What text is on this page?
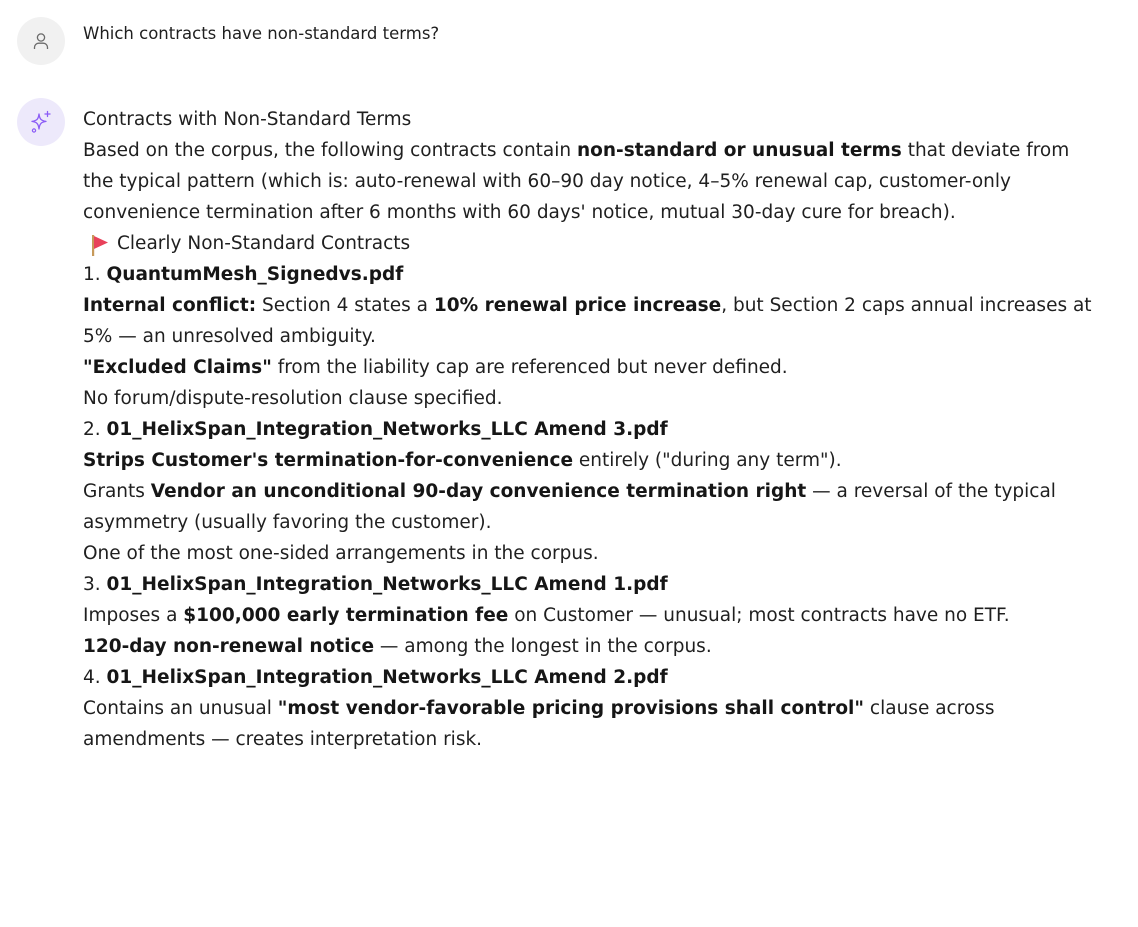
Which contracts have non-standard terms?

Contracts with Non-Standard Terms

Based on the corpus, the following contracts contain non-standard or unusual terms that deviate from the typical pattern (which is: auto-renewal with 60–90 day notice, 4–5% renewal cap, customer-only convenience termination after 6 months with 60 days' notice, mutual 30-day cure for breach).

Clearly Non-Standard Contracts

1. QuantumMesh_Signedvs.pdf

Internal conflict: Section 4 states a 10% renewal price increase, but Section 2 caps annual increases at 5% — an unresolved ambiguity.

"Excluded Claims" from the liability cap are referenced but never defined.

No forum/dispute-resolution clause specified.

2. 01_HelixSpan_Integration_Networks_LLC Amend 3.pdf

Strips Customer's termination-for-convenience entirely ("during any term").

Grants Vendor an unconditional 90-day convenience termination right — a reversal of the typical asymmetry (usually favoring the customer).

One of the most one-sided arrangements in the corpus.

3. 01_HelixSpan_Integration_Networks_LLC Amend 1.pdf

Imposes a $100,000 early termination fee on Customer — unusual; most contracts have no ETF.

120-day non-renewal notice — among the longest in the corpus.

4. 01_HelixSpan_Integration_Networks_LLC Amend 2.pdf

Contains an unusual "most vendor-favorable pricing provisions shall control" clause across amendments — creates interpretation risk.
